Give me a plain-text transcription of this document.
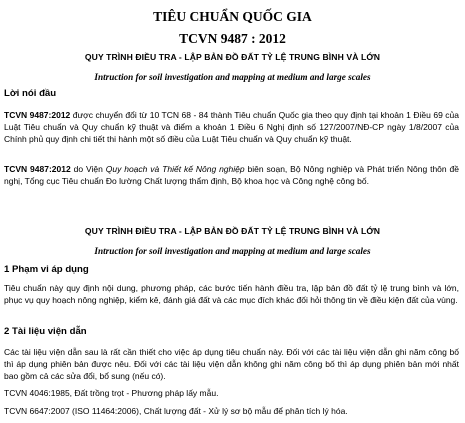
TIÊU CHUẨN QUỐC GIA
TCVN 9487 : 2012
QUY TRÌNH ĐIỀU TRA - LẬP BẢN ĐỒ ĐẤT TỶ LỆ TRUNG BÌNH VÀ LỚN
Intruction for soil investigation and mapping at medium and large scales
Lời nói đầu
TCVN 9487:2012 được chuyển đổi từ 10 TCN 68 - 84 thành Tiêu chuẩn Quốc gia theo quy định tại khoản 1 Điều 69 của Luật Tiêu chuẩn và Quy chuẩn kỹ thuật và điểm a khoản 1 Điều 6 Nghị định số 127/2007/NĐ-CP ngày 1/8/2007 của Chính phủ quy định chi tiết thi hành một số điều của Luật Tiêu chuẩn và Quy chuẩn kỹ thuật.
TCVN 9487:2012 do Viện Quy hoạch và Thiết kế Nông nghiệp biên soạn, Bộ Nông nghiệp và Phát triển Nông thôn đề nghị, Tổng cục Tiêu chuẩn Đo lường Chất lượng thẩm định, Bộ khoa học và Công nghệ công bố.
QUY TRÌNH ĐIỀU TRA - LẬP BẢN ĐỒ ĐẤT TỶ LỆ TRUNG BÌNH VÀ LỚN
Intruction for soil investigation and mapping at medium and large scales
1 Phạm vi áp dụng
Tiêu chuẩn này quy định nội dung, phương pháp, các bước tiến hành điều tra, lập bản đồ đất tỷ lệ trung bình và lớn, phục vụ quy hoạch nông nghiệp, kiểm kê, đánh giá đất và các mục đích khác đối hỏi thông tin về điều kiện đất của vùng.
2 Tài liệu viện dẫn
Các tài liệu viện dẫn sau là rất cần thiết cho việc áp dụng tiêu chuẩn này. Đối với các tài liệu viện dẫn ghi năm công bố thì áp dụng phiên bản được nêu. Đối với các tài liệu viện dẫn không ghi năm công bố thì áp dụng phiên bản mới nhất bao gồm cả các sửa đổi, bổ sung (nếu có).
TCVN 4046:1985, Đất trồng trọt - Phương pháp lấy mẫu.
TCVN 6647:2007 (ISO 11464:2006), Chất lượng đất - Xử lý sơ bộ mẫu để phân tích lý hóa.
